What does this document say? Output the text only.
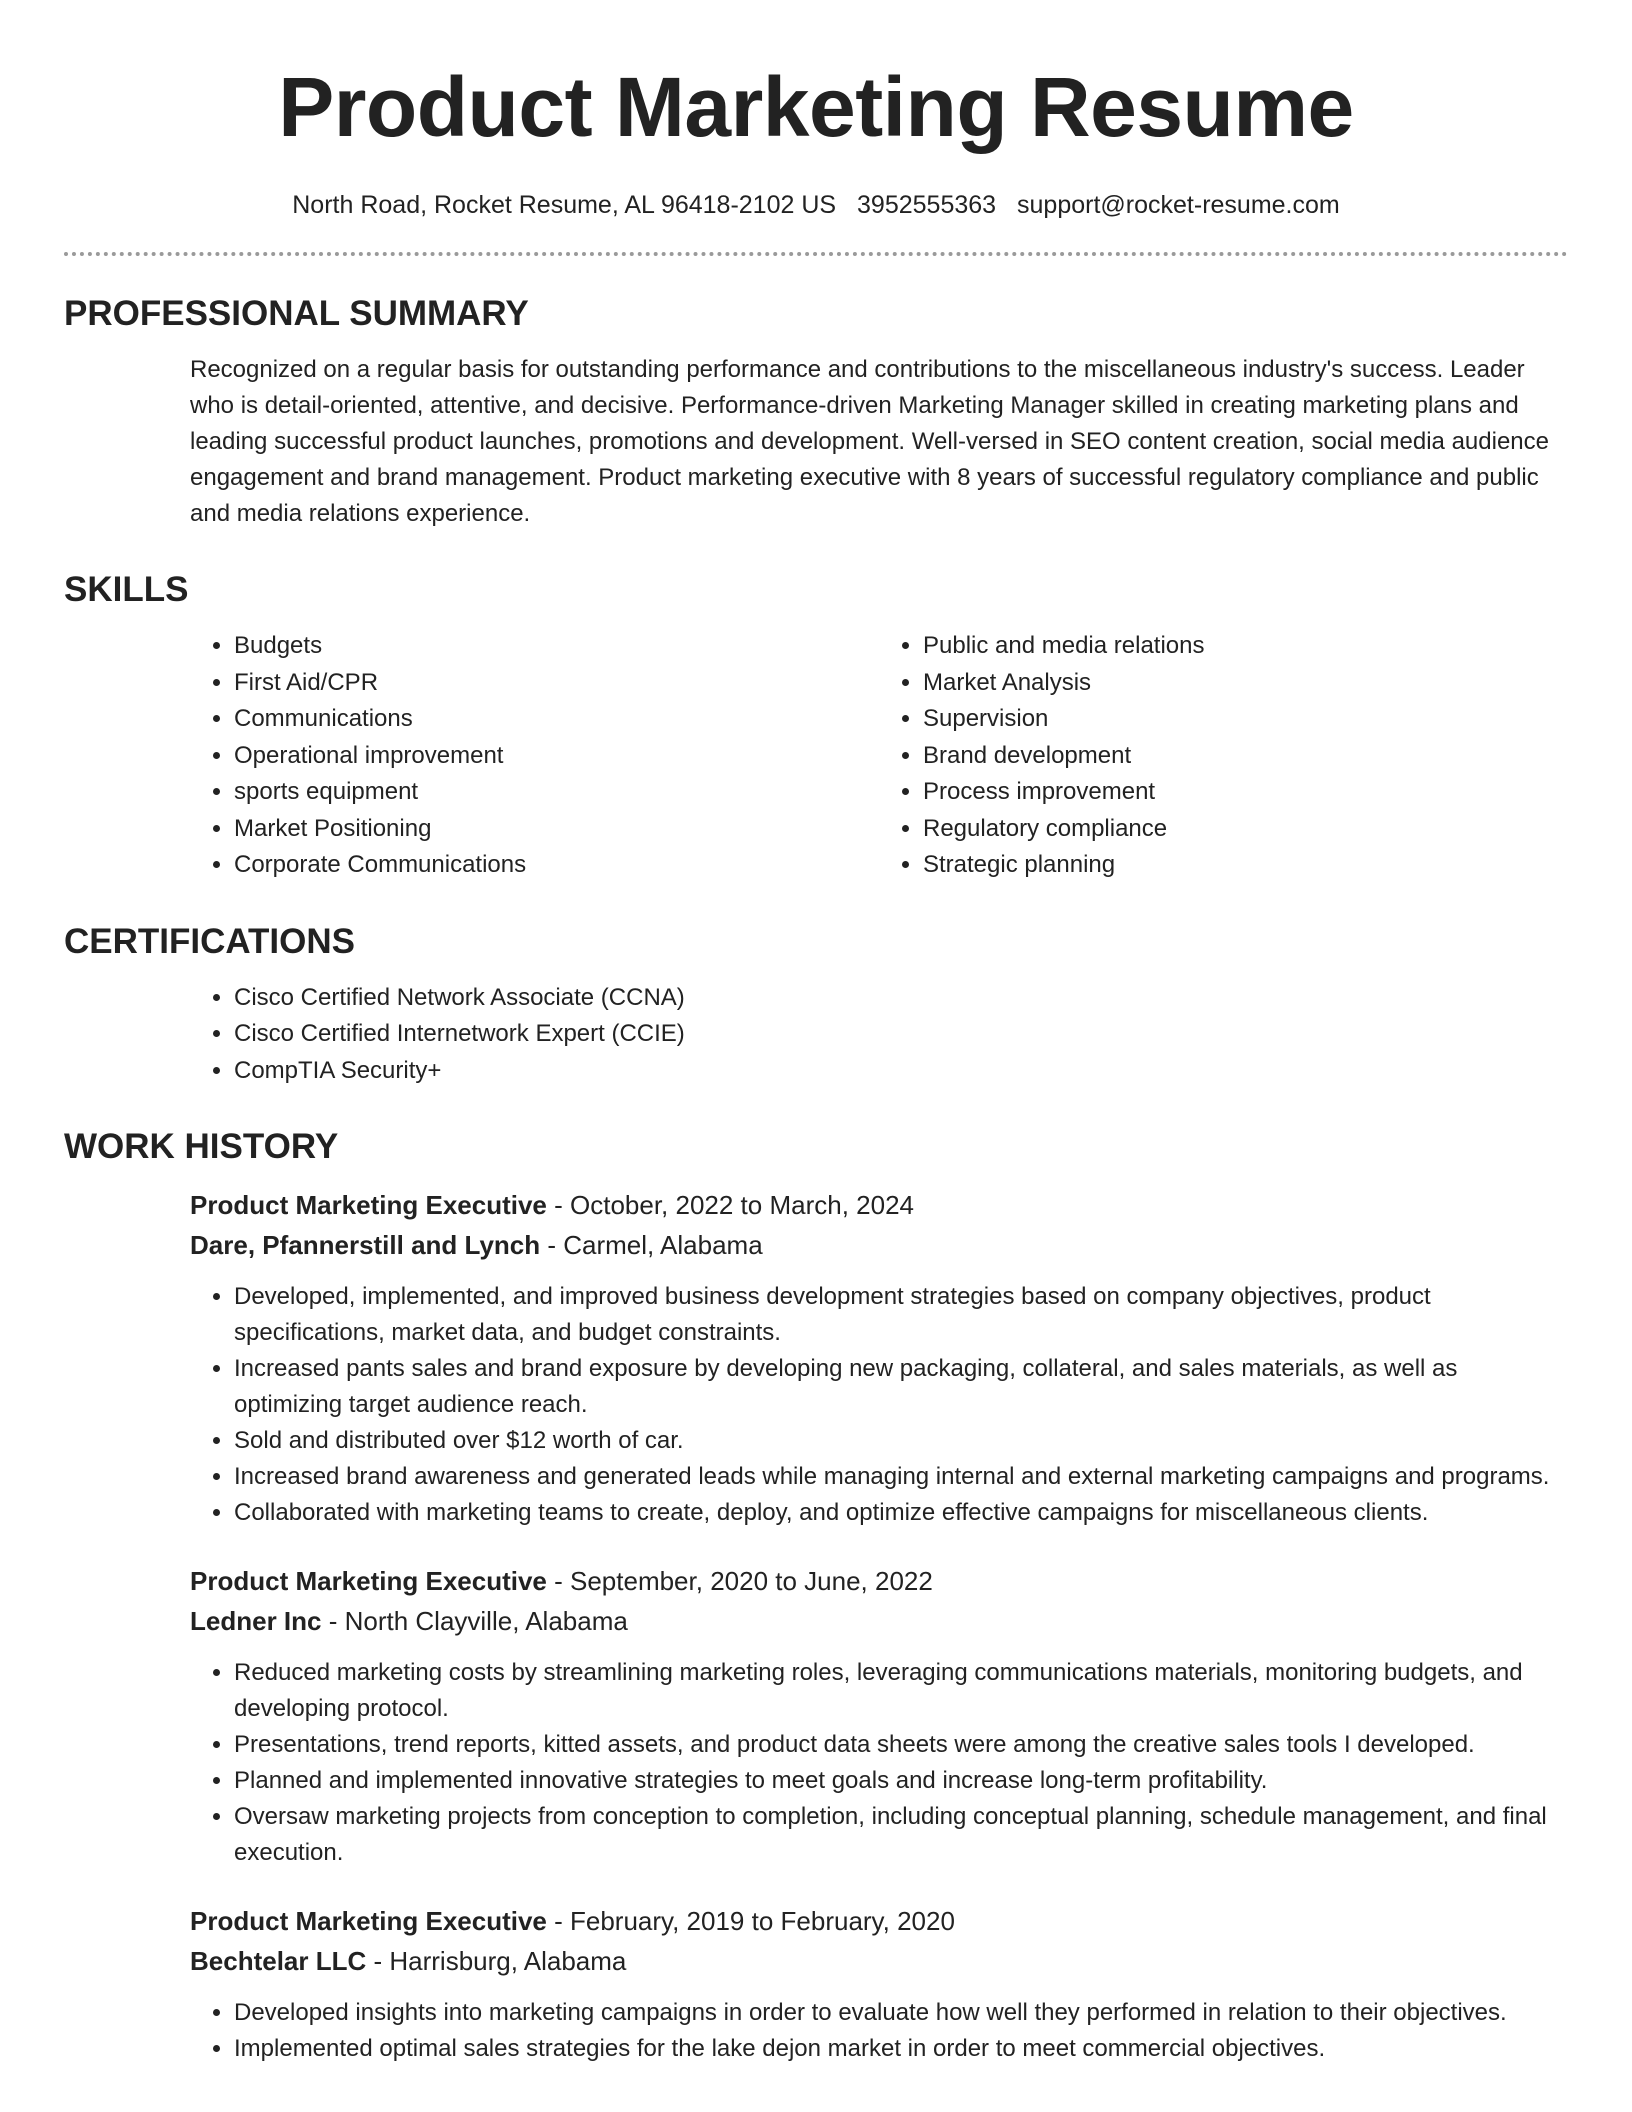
Product Marketing Resume
North Road, Rocket Resume, AL 96418-2102 US 3952555363 support@rocket-resume.com
PROFESSIONAL SUMMARY

Recognized on a regular basis for outstanding performance and contributions to the miscellaneous industry's success. Leader who is detail-oriented, attentive, and decisive. Performance-driven Marketing Manager skilled in creating marketing plans and leading successful product launches, promotions and development. Well-versed in SEO content creation, social media audience engagement and brand management. Product marketing executive with 8 years of successful regulatory compliance and public and media relations experience.

SKILLS
• Budgets
• First Aid/CPR
• Communications
• Operational improvement
• sports equipment
• Market Positioning
• Corporate Communications
• Public and media relations
• Market Analysis
• Supervision
• Brand development
• Process improvement
• Regulatory compliance
• Strategic planning
CERTIFICATIONS
• Cisco Certified Network Associate (CCNA)
• Cisco Certified Internetwork Expert (CCIE)
• CompTIA Security+
WORK HISTORY
Product Marketing Executive - October, 2022 to March, 2024
Dare, Pfannerstill and Lynch - Carmel, Alabama
• Developed, implemented, and improved business development strategies based on company objectives, product specifications, market data, and budget constraints.
• Increased pants sales and brand exposure by developing new packaging, collateral, and sales materials, as well as optimizing target audience reach.
• Sold and distributed over $12 worth of car.
• Increased brand awareness and generated leads while managing internal and external marketing campaigns and programs.
• Collaborated with marketing teams to create, deploy, and optimize effective campaigns for miscellaneous clients.
Product Marketing Executive - September, 2020 to June, 2022
Ledner Inc - North Clayville, Alabama
• Reduced marketing costs by streamlining marketing roles, leveraging communications materials, monitoring budgets, and developing protocol.
• Presentations, trend reports, kitted assets, and product data sheets were among the creative sales tools I developed.
• Planned and implemented innovative strategies to meet goals and increase long-term profitability.
• Oversaw marketing projects from conception to completion, including conceptual planning, schedule management, and final execution.
Product Marketing Executive - February, 2019 to February, 2020
Bechtelar LLC - Harrisburg, Alabama
• Developed insights into marketing campaigns in order to evaluate how well they performed in relation to their objectives.
• Implemented optimal sales strategies for the lake dejon market in order to meet commercial objectives.
